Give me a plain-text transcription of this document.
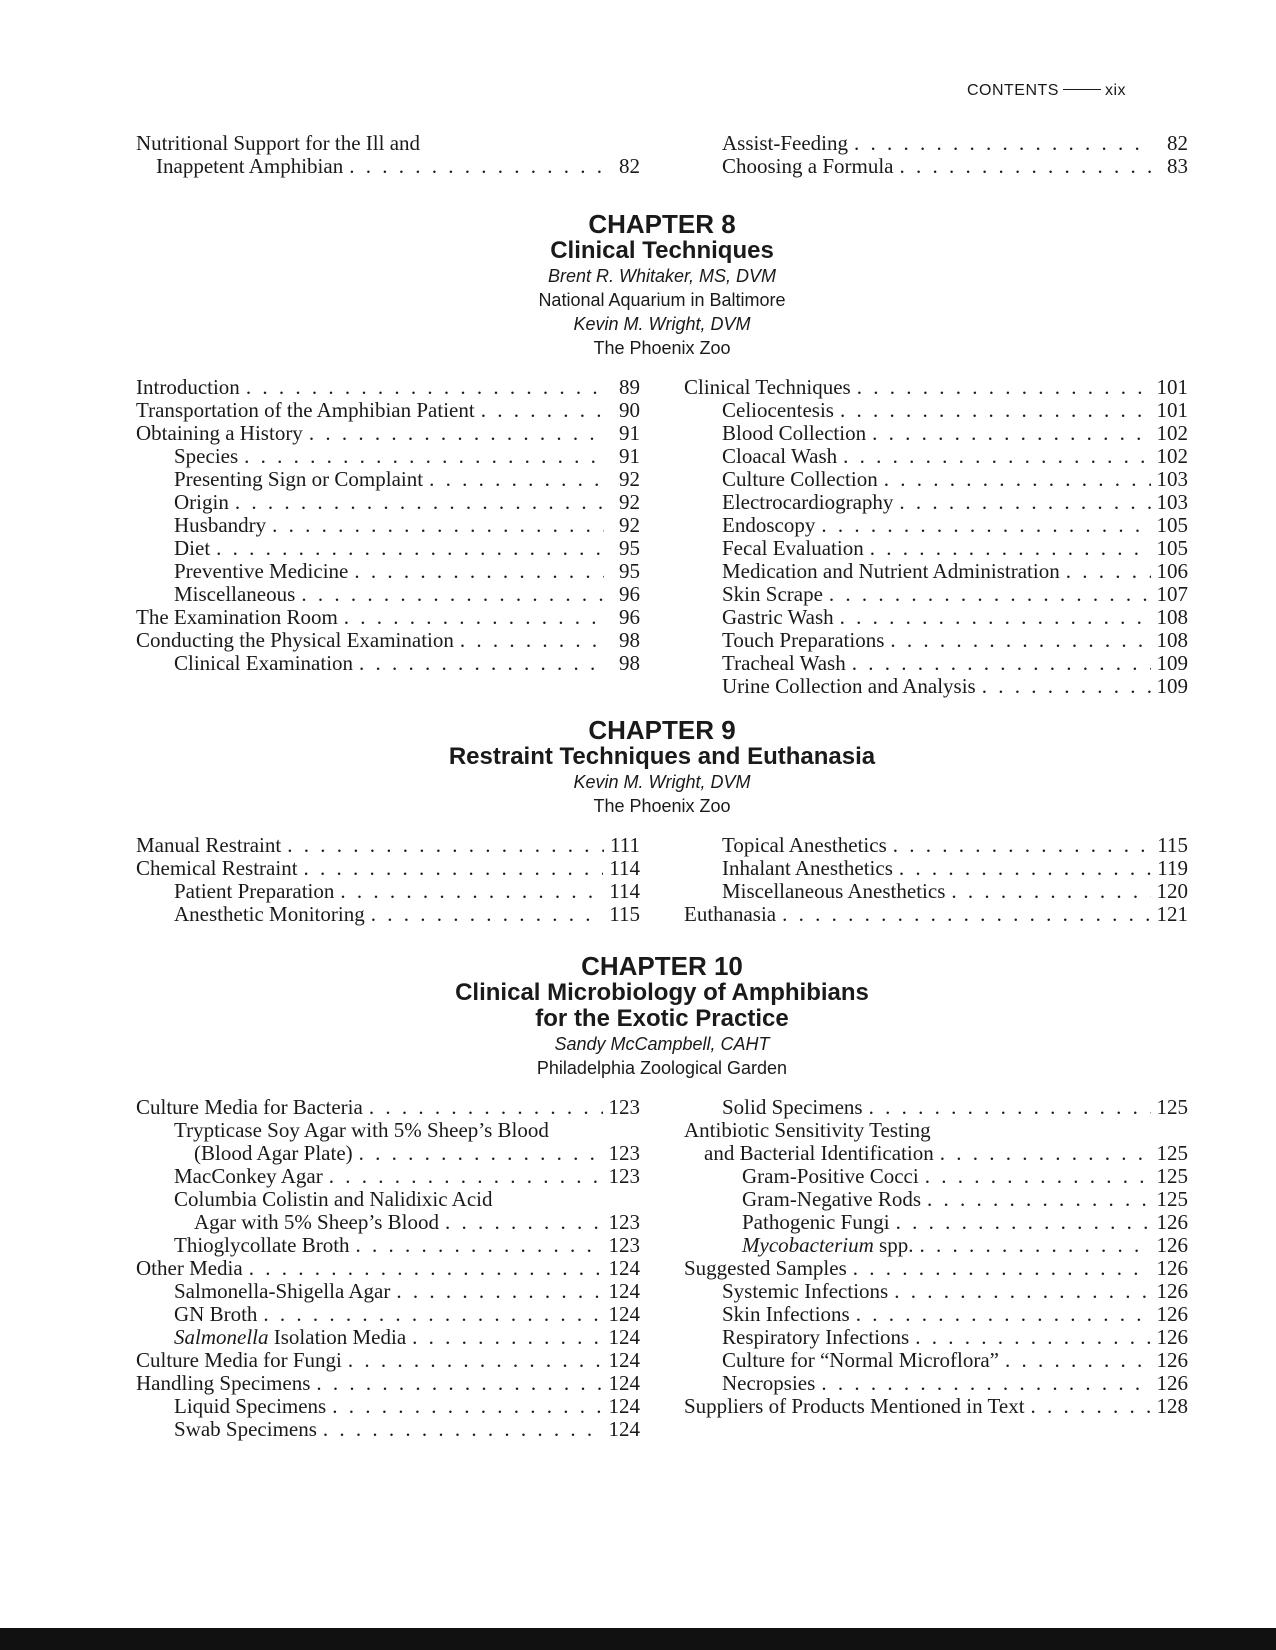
CONTENTS	xix
Nutritional Support for the Ill and
Inappetent Amphibian . . .	82
Assist-Feeding . . .	82
Choosing a Formula . . .	83
CHAPTER 8
Clinical Techniques
Brent R. Whitaker, MS, DVM
National Aquarium in Baltimore
Kevin M. Wright, DVM
The Phoenix Zoo
Introduction . . .	89
Transportation of the Amphibian Patient . . .	90
Obtaining a History . . .	91
Species . . .	91
Presenting Sign or Complaint . . .	92
Origin . . .	92
Husbandry . . .	92
Diet . . .	95
Preventive Medicine . . .	95
Miscellaneous . . .	96
The Examination Room . . .	96
Conducting the Physical Examination . . .	98
Clinical Examination . . .	98
Clinical Techniques . . .	101
Celiocentesis . . .	101
Blood Collection . . .	102
Cloacal Wash . . .	102
Culture Collection . . .	103
Electrocardiography . . .	103
Endoscopy . . .	105
Fecal Evaluation . . .	105
Medication and Nutrient Administration . . .	106
Skin Scrape . . .	107
Gastric Wash . . .	108
Touch Preparations . . .	108
Tracheal Wash . . .	109
Urine Collection and Analysis . . .	109
CHAPTER 9
Restraint Techniques and Euthanasia
Kevin M. Wright, DVM
The Phoenix Zoo
Manual Restraint . . .	111
Chemical Restraint . . .	114
Patient Preparation . . .	114
Anesthetic Monitoring . . .	115
Topical Anesthetics . . .	115
Inhalant Anesthetics . . .	119
Miscellaneous Anesthetics . . .	120
Euthanasia . . .	121
CHAPTER 10
Clinical Microbiology of Amphibians
for the Exotic Practice
Sandy McCampbell, CAHT
Philadelphia Zoological Garden
Culture Media for Bacteria . . .	123
Trypticase Soy Agar with 5% Sheep’s Blood
(Blood Agar Plate) . . .	123
MacConkey Agar . . .	123
Columbia Colistin and Nalidixic Acid
Agar with 5% Sheep’s Blood . . .	123
Thioglycollate Broth . . .	123
Other Media . . .	124
Salmonella-Shigella Agar . . .	124
GN Broth . . .	124
Salmonella Isolation Media . . .	124
Culture Media for Fungi . . .	124
Handling Specimens . . .	124
Liquid Specimens . . .	124
Swab Specimens . . .	124
Solid Specimens . . .	125
Antibiotic Sensitivity Testing
and Bacterial Identification . . .	125
Gram-Positive Cocci . . .	125
Gram-Negative Rods . . .	125
Pathogenic Fungi . . .	126
Mycobacterium spp. . . .	126
Suggested Samples . . .	126
Systemic Infections . . .	126
Skin Infections . . .	126
Respiratory Infections . . .	126
Culture for “Normal Microflora” . . .	126
Necropsies . . .	126
Suppliers of Products Mentioned in Text . . .	128
